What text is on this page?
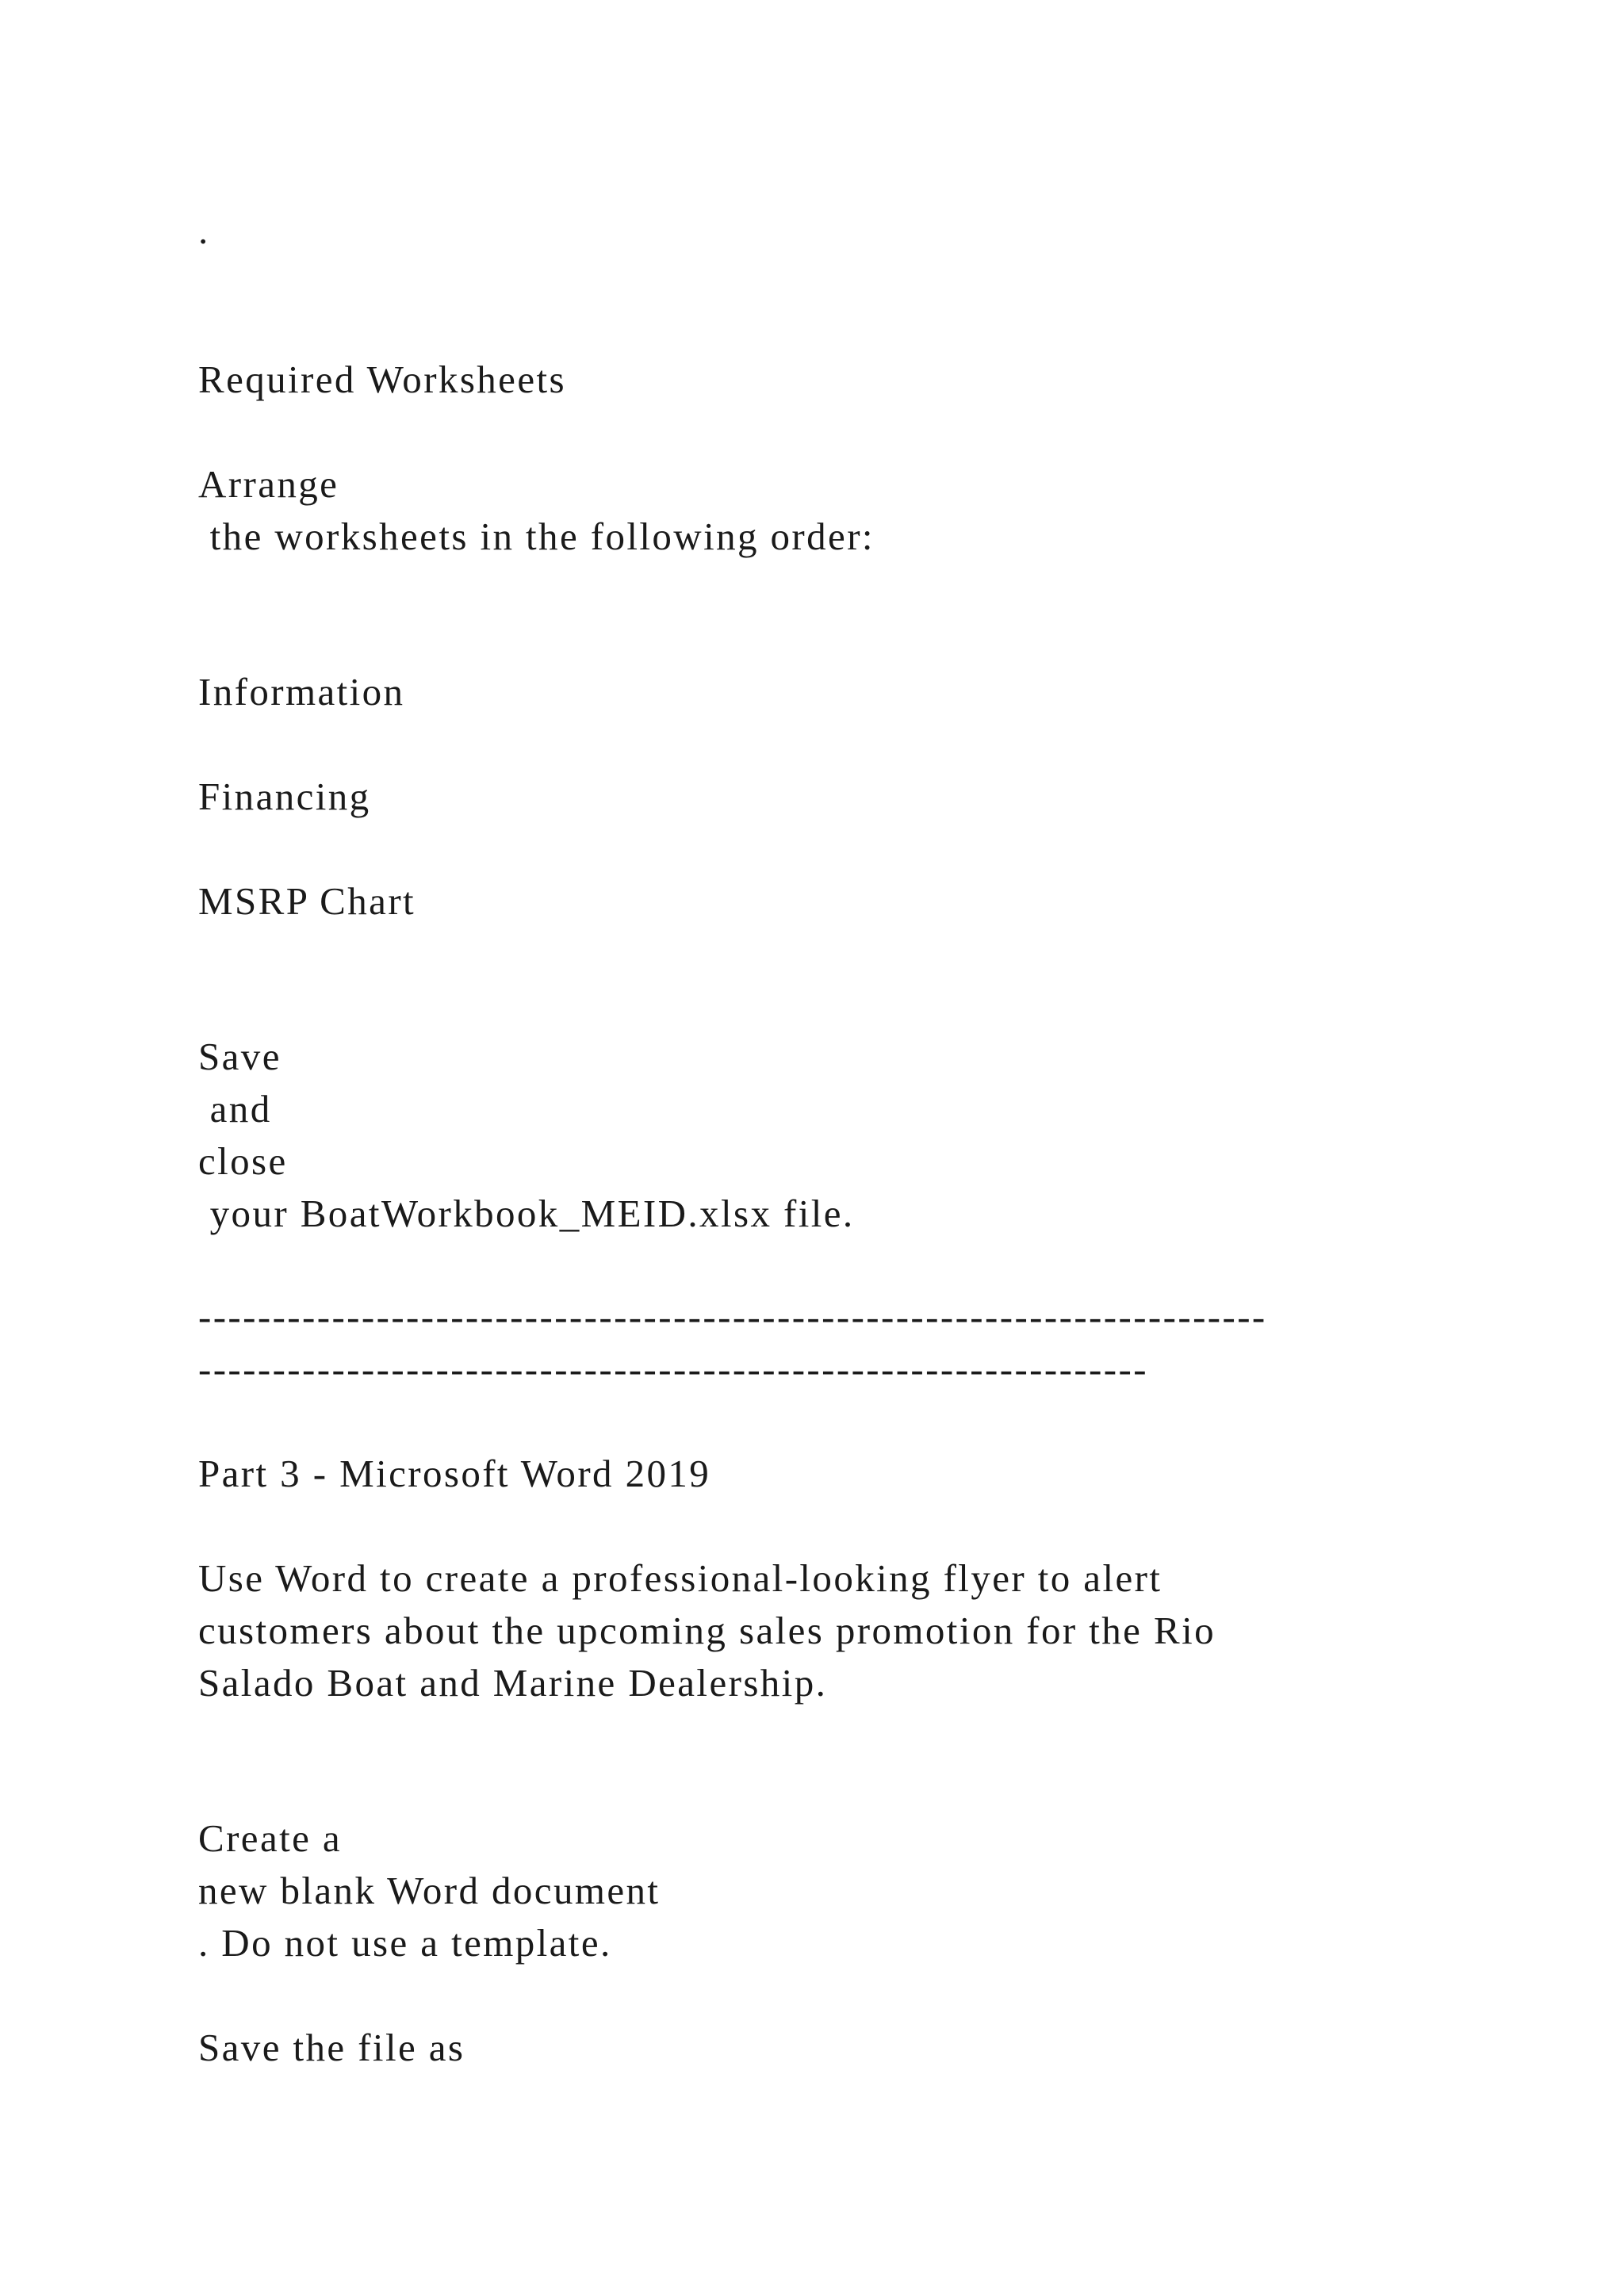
.
Required Worksheets
Arrange
the worksheets in the following order:
Information
Financing
MSRP Chart
Save
and
close
your BoatWorkbook_MEID.xlsx file.
------------------------------------------------------------------------
----------------------------------------------------------------
Part 3 - Microsoft Word 2019
Use Word to create a professional-looking flyer to alert
customers about the upcoming sales promotion for the Rio
Salado Boat and Marine Dealership.
Create a
new blank Word document
. Do not use a template.
Save the file as
